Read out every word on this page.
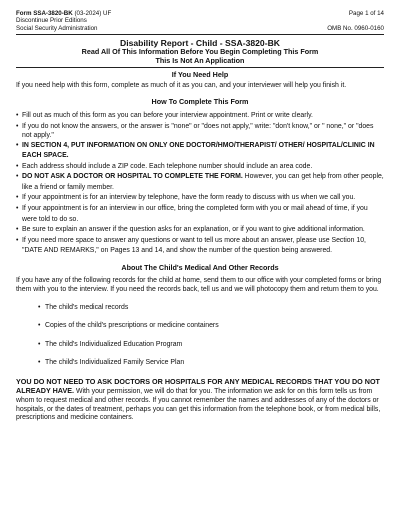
Form SSA-3820-BK (03-2024) UF
Discontinue Prior Editions
Social Security Administration
Page 1 of 14

OMB No. 0960-0160
Disability Report - Child - SSA-3820-BK
Read All Of This Information Before You Begin Completing This Form
This Is Not An Application
If You Need Help

If you need help with this form, complete as much of it as you can, and your interviewer will help you finish it.

How To Complete This Form
• Fill out as much of this form as you can before your interview appointment. Print or write clearly.
• If you do not know the answers, or the answer is "none" or "does not apply," write: "don't know," or " none," or "does not apply."
• IN SECTION 4, PUT INFORMATION ON ONLY ONE DOCTOR/HMO/THERAPIST/ OTHER/ HOSPITAL/CLINIC IN EACH SPACE.
• Each address should include a ZIP code. Each telephone number should include an area code.
• DO NOT ASK A DOCTOR OR HOSPITAL TO COMPLETE THE FORM. However, you can get help from other people, like a friend or family member.
• If your appointment is for an interview by telephone, have the form ready to discuss with us when we call you.
• If your appointment is for an interview in our office, bring the completed form with you or mail ahead of time, if you were told to do so.
• Be sure to explain an answer if the question asks for an explanation, or if you want to give additional information.
• If you need more space to answer any questions or want to tell us more about an answer, please use Section 10, "DATE AND REMARKS," on Pages 13 and 14, and show the number of the question being answered.
About The Child's Medical And Other Records

If you have any of the following records for the child at home, send them to our office with your completed forms or bring them with you to the interview. If you need the records back, tell us and we will photocopy them and return them to you.

• The child's medical records
• Copies of the child's prescriptions or medicine containers
• The child's Individualized Education Program
• The child's Individualized Family Service Plan

YOU DO NOT NEED TO ASK DOCTORS OR HOSPITALS FOR ANY MEDICAL RECORDS THAT YOU DO NOT ALREADY HAVE. With your permission, we will do that for you. The information we ask for on this form tells us from whom to request medical and other records. If you cannot remember the names and addresses of any of the doctors or hospitals, or the dates of treatment, perhaps you can get this information from the telephone book, or from medical bills, prescriptions and medicine containers.
